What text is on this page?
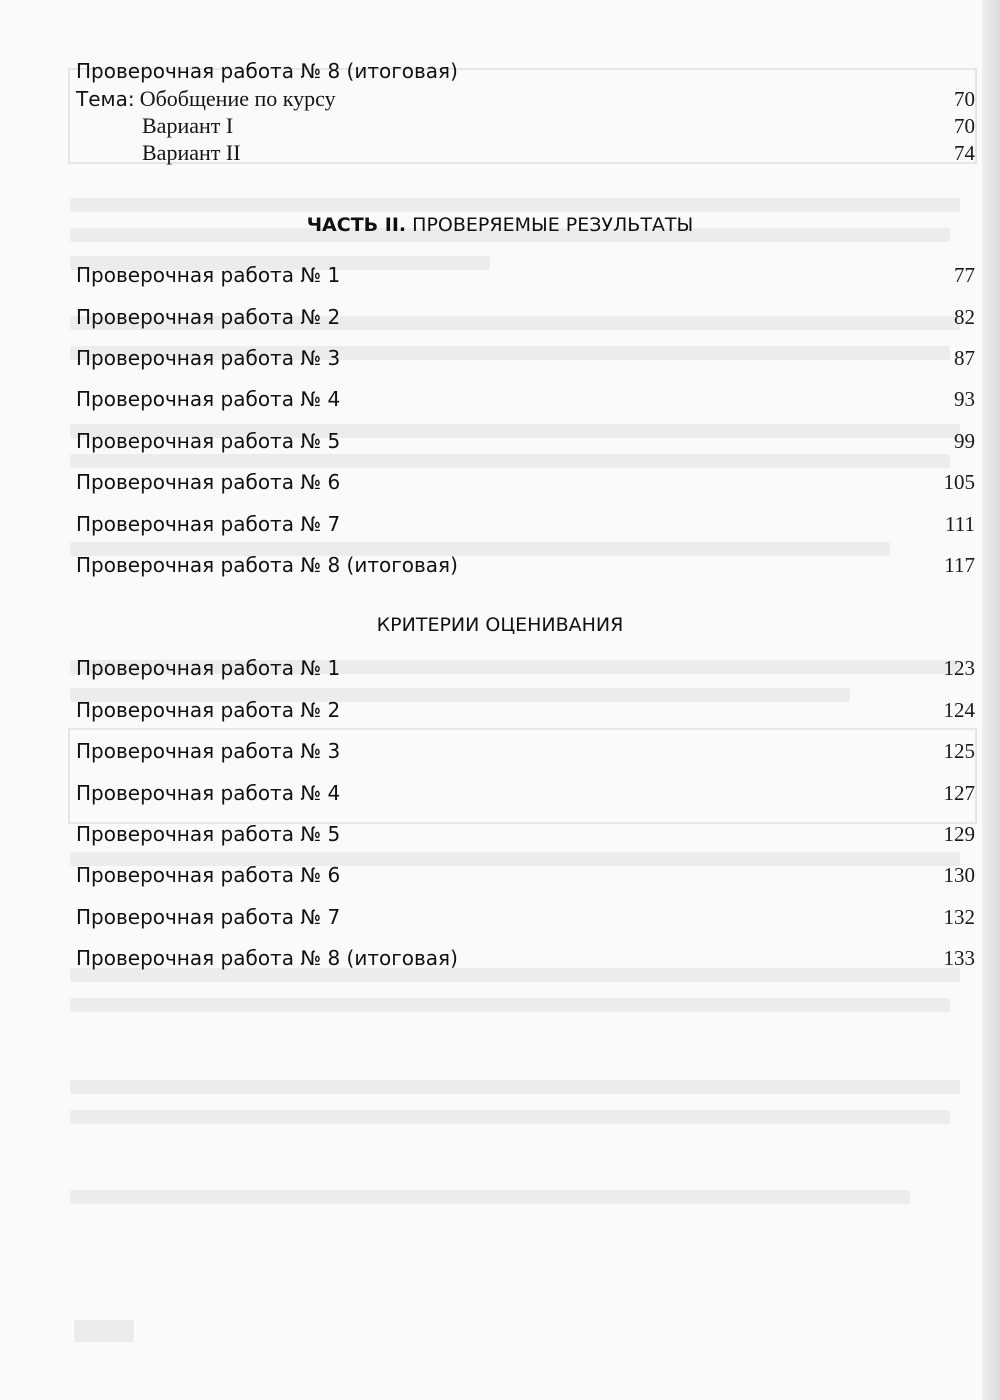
Проверочная работа № 8 (итоговая)
Тема: Обобщение по курсу	70
Вариант I	70
Вариант II	74
ЧАСТЬ II. ПРОВЕРЯЕМЫЕ РЕЗУЛЬТАТЫ
Проверочная работа № 1	77
Проверочная работа № 2	82
Проверочная работа № 3	87
Проверочная работа № 4	93
Проверочная работа № 5	99
Проверочная работа № 6	105
Проверочная работа № 7	111
Проверочная работа № 8 (итоговая)	117
КРИТЕРИИ ОЦЕНИВАНИЯ
Проверочная работа № 1	123
Проверочная работа № 2	124
Проверочная работа № 3	125
Проверочная работа № 4	127
Проверочная работа № 5	129
Проверочная работа № 6	130
Проверочная работа № 7	132
Проверочная работа № 8 (итоговая)	133
